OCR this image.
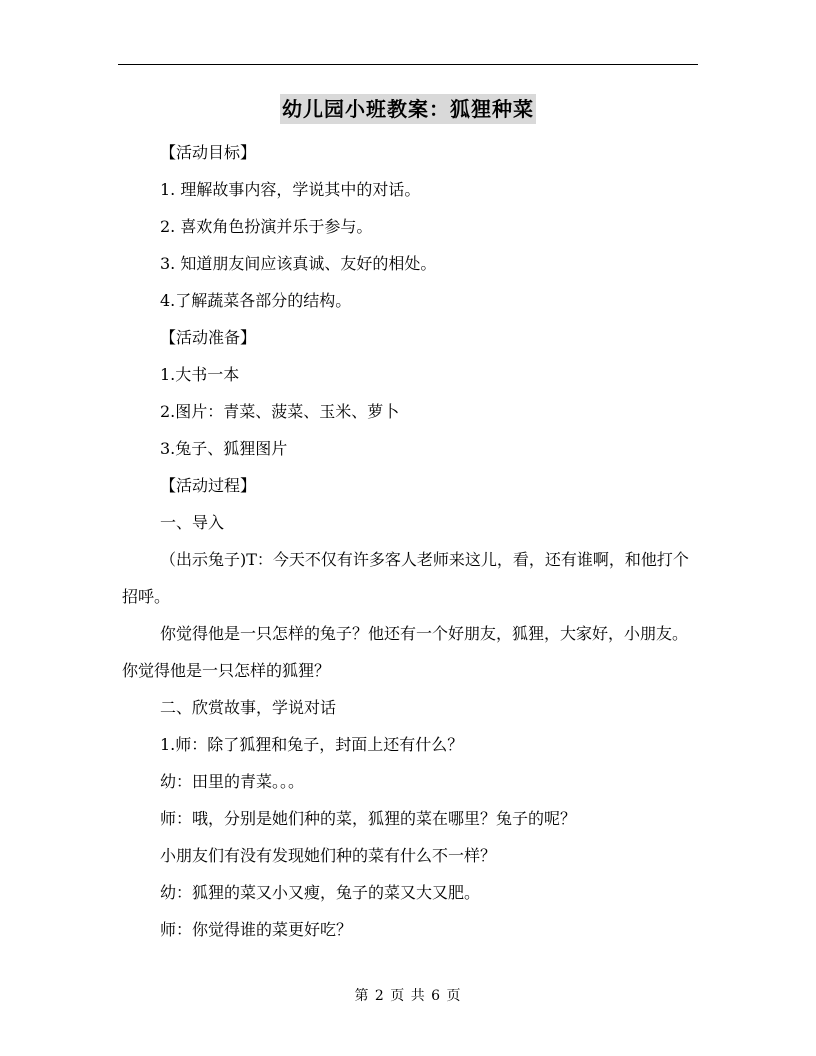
幼儿园小班教案：狐狸种菜

【活动目标】

1. 理解故事内容，学说其中的对话。

2. 喜欢角色扮演并乐于参与。

3. 知道朋友间应该真诚、友好的相处。

4.了解蔬菜各部分的结构。

【活动准备】

1.大书一本

2.图片：青菜、菠菜、玉米、萝卜

3.兔子、狐狸图片

【活动过程】

一、导入

（出示兔子)T：今天不仅有许多客人老师来这儿，看，还有谁啊，和他打个招呼。

你觉得他是一只怎样的兔子？他还有一个好朋友，狐狸，大家好，小朋友。你觉得他是一只怎样的狐狸？

二、欣赏故事，学说对话

1.师：除了狐狸和兔子，封面上还有什么？

幼：田里的青菜。。。

师：哦，分别是她们种的菜，狐狸的菜在哪里？兔子的呢？

小朋友们有没有发现她们种的菜有什么不一样？

幼：狐狸的菜又小又瘦，兔子的菜又大又肥。

师：你觉得谁的菜更好吃？

第 2 页 共 6 页
